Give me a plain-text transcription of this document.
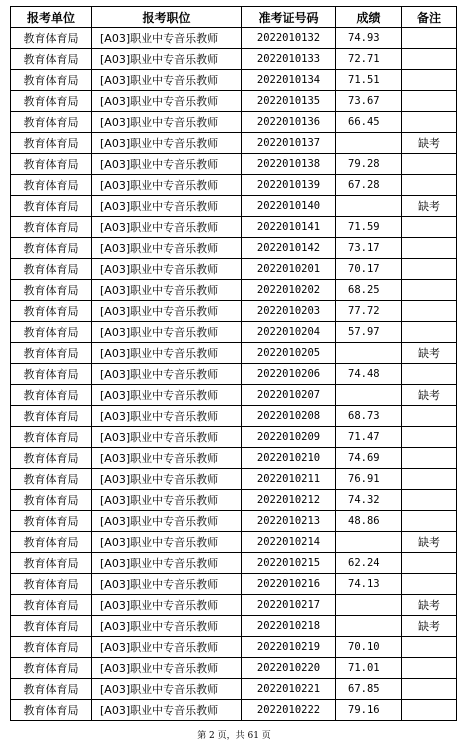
报考单位	报考职位	准考证号码	成绩	备注
教育体育局	[A03]职业中专音乐教师	2022010132	74.93	
教育体育局	[A03]职业中专音乐教师	2022010133	72.71	
教育体育局	[A03]职业中专音乐教师	2022010134	71.51	
教育体育局	[A03]职业中专音乐教师	2022010135	73.67	
教育体育局	[A03]职业中专音乐教师	2022010136	66.45	
教育体育局	[A03]职业中专音乐教师	2022010137		缺考
教育体育局	[A03]职业中专音乐教师	2022010138	79.28	
教育体育局	[A03]职业中专音乐教师	2022010139	67.28	
教育体育局	[A03]职业中专音乐教师	2022010140		缺考
教育体育局	[A03]职业中专音乐教师	2022010141	71.59	
教育体育局	[A03]职业中专音乐教师	2022010142	73.17	
教育体育局	[A03]职业中专音乐教师	2022010201	70.17	
教育体育局	[A03]职业中专音乐教师	2022010202	68.25	
教育体育局	[A03]职业中专音乐教师	2022010203	77.72	
教育体育局	[A03]职业中专音乐教师	2022010204	57.97	
教育体育局	[A03]职业中专音乐教师	2022010205		缺考
教育体育局	[A03]职业中专音乐教师	2022010206	74.48	
教育体育局	[A03]职业中专音乐教师	2022010207		缺考
教育体育局	[A03]职业中专音乐教师	2022010208	68.73	
教育体育局	[A03]职业中专音乐教师	2022010209	71.47	
教育体育局	[A03]职业中专音乐教师	2022010210	74.69	
教育体育局	[A03]职业中专音乐教师	2022010211	76.91	
教育体育局	[A03]职业中专音乐教师	2022010212	74.32	
教育体育局	[A03]职业中专音乐教师	2022010213	48.86	
教育体育局	[A03]职业中专音乐教师	2022010214		缺考
教育体育局	[A03]职业中专音乐教师	2022010215	62.24	
教育体育局	[A03]职业中专音乐教师	2022010216	74.13	
教育体育局	[A03]职业中专音乐教师	2022010217		缺考
教育体育局	[A03]职业中专音乐教师	2022010218		缺考
教育体育局	[A03]职业中专音乐教师	2022010219	70.10	
教育体育局	[A03]职业中专音乐教师	2022010220	71.01	
教育体育局	[A03]职业中专音乐教师	2022010221	67.85	
教育体育局	[A03]职业中专音乐教师	2022010222	79.16	
第 2 页，共 61 页
